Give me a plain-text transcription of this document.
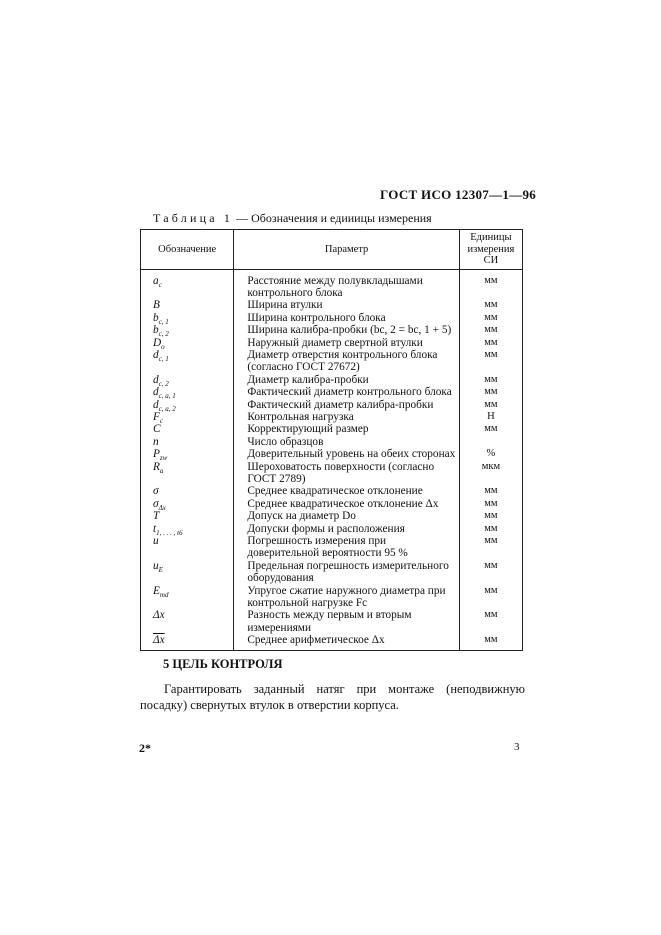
ГОСТ ИСО 12307—1—96
Таблица 1 — Обозначения и едииицы измерения
Обозначение	Параметр	Единицы измерения СИ
$a_c$	Расстояние между полувкладышами контрольного блока	мм
B	Ширина втулки	мм
$b_{c, 1}$	Ширина контрольного блока	мм
$b_{c, 2}$	Ширина калибра-пробки (bc, 2 = bc, 1 + 5)	мм
$D_o$	Наружный диаметр свертной втулки	мм
$d_{c, 1}$	Диаметр отверстия контрольного блока (согласно ГОСТ 27672)	мм
$d_{c, 2}$	Диаметр калибра-пробки	мм
$d_{c, a, 1}$	Фактический диаметр контрольного блока	мм
$d_{c, a, 2}$	Фактический диаметр калибра-пробки	мм
$F_c$	Контрольная нагрузка	Н
C	Корректирующий размер	мм
n	Число образцов	
$P_{zw}$	Доверительный уровень на обеих сторонах	%
$R_a$	Шероховатость поверхности (согласно ГОСТ 2789)	мкм
σ	Среднее квадратическое отклонение	мм
$\sigma_{\Delta x}$	Среднее квадратическое отклонение Δx	мм
T	Допуск на диаметр Do	мм
$t_{1, . . . , t6}$	Допуски формы и расположения	мм
u	Погрешность измерения при доверительной вероятности 95 %	мм
$u_E$	Предельная погрешность измерительного оборудования	мм
$E_{md}$	Упругое сжатие наружного диаметра при контрольной нагрузке Fc	мм
Δx	Разность между первым и вторым измерениями	мм
$\overline{\Delta x}$	Среднее арифметическое Δx	мм
5 ЦЕЛЬ КОНТРОЛЯ
Гарантировать заданный натяг при монтаже (неподвижную посадку) свернутых втулок в отверстии корпуса.
2*	3
